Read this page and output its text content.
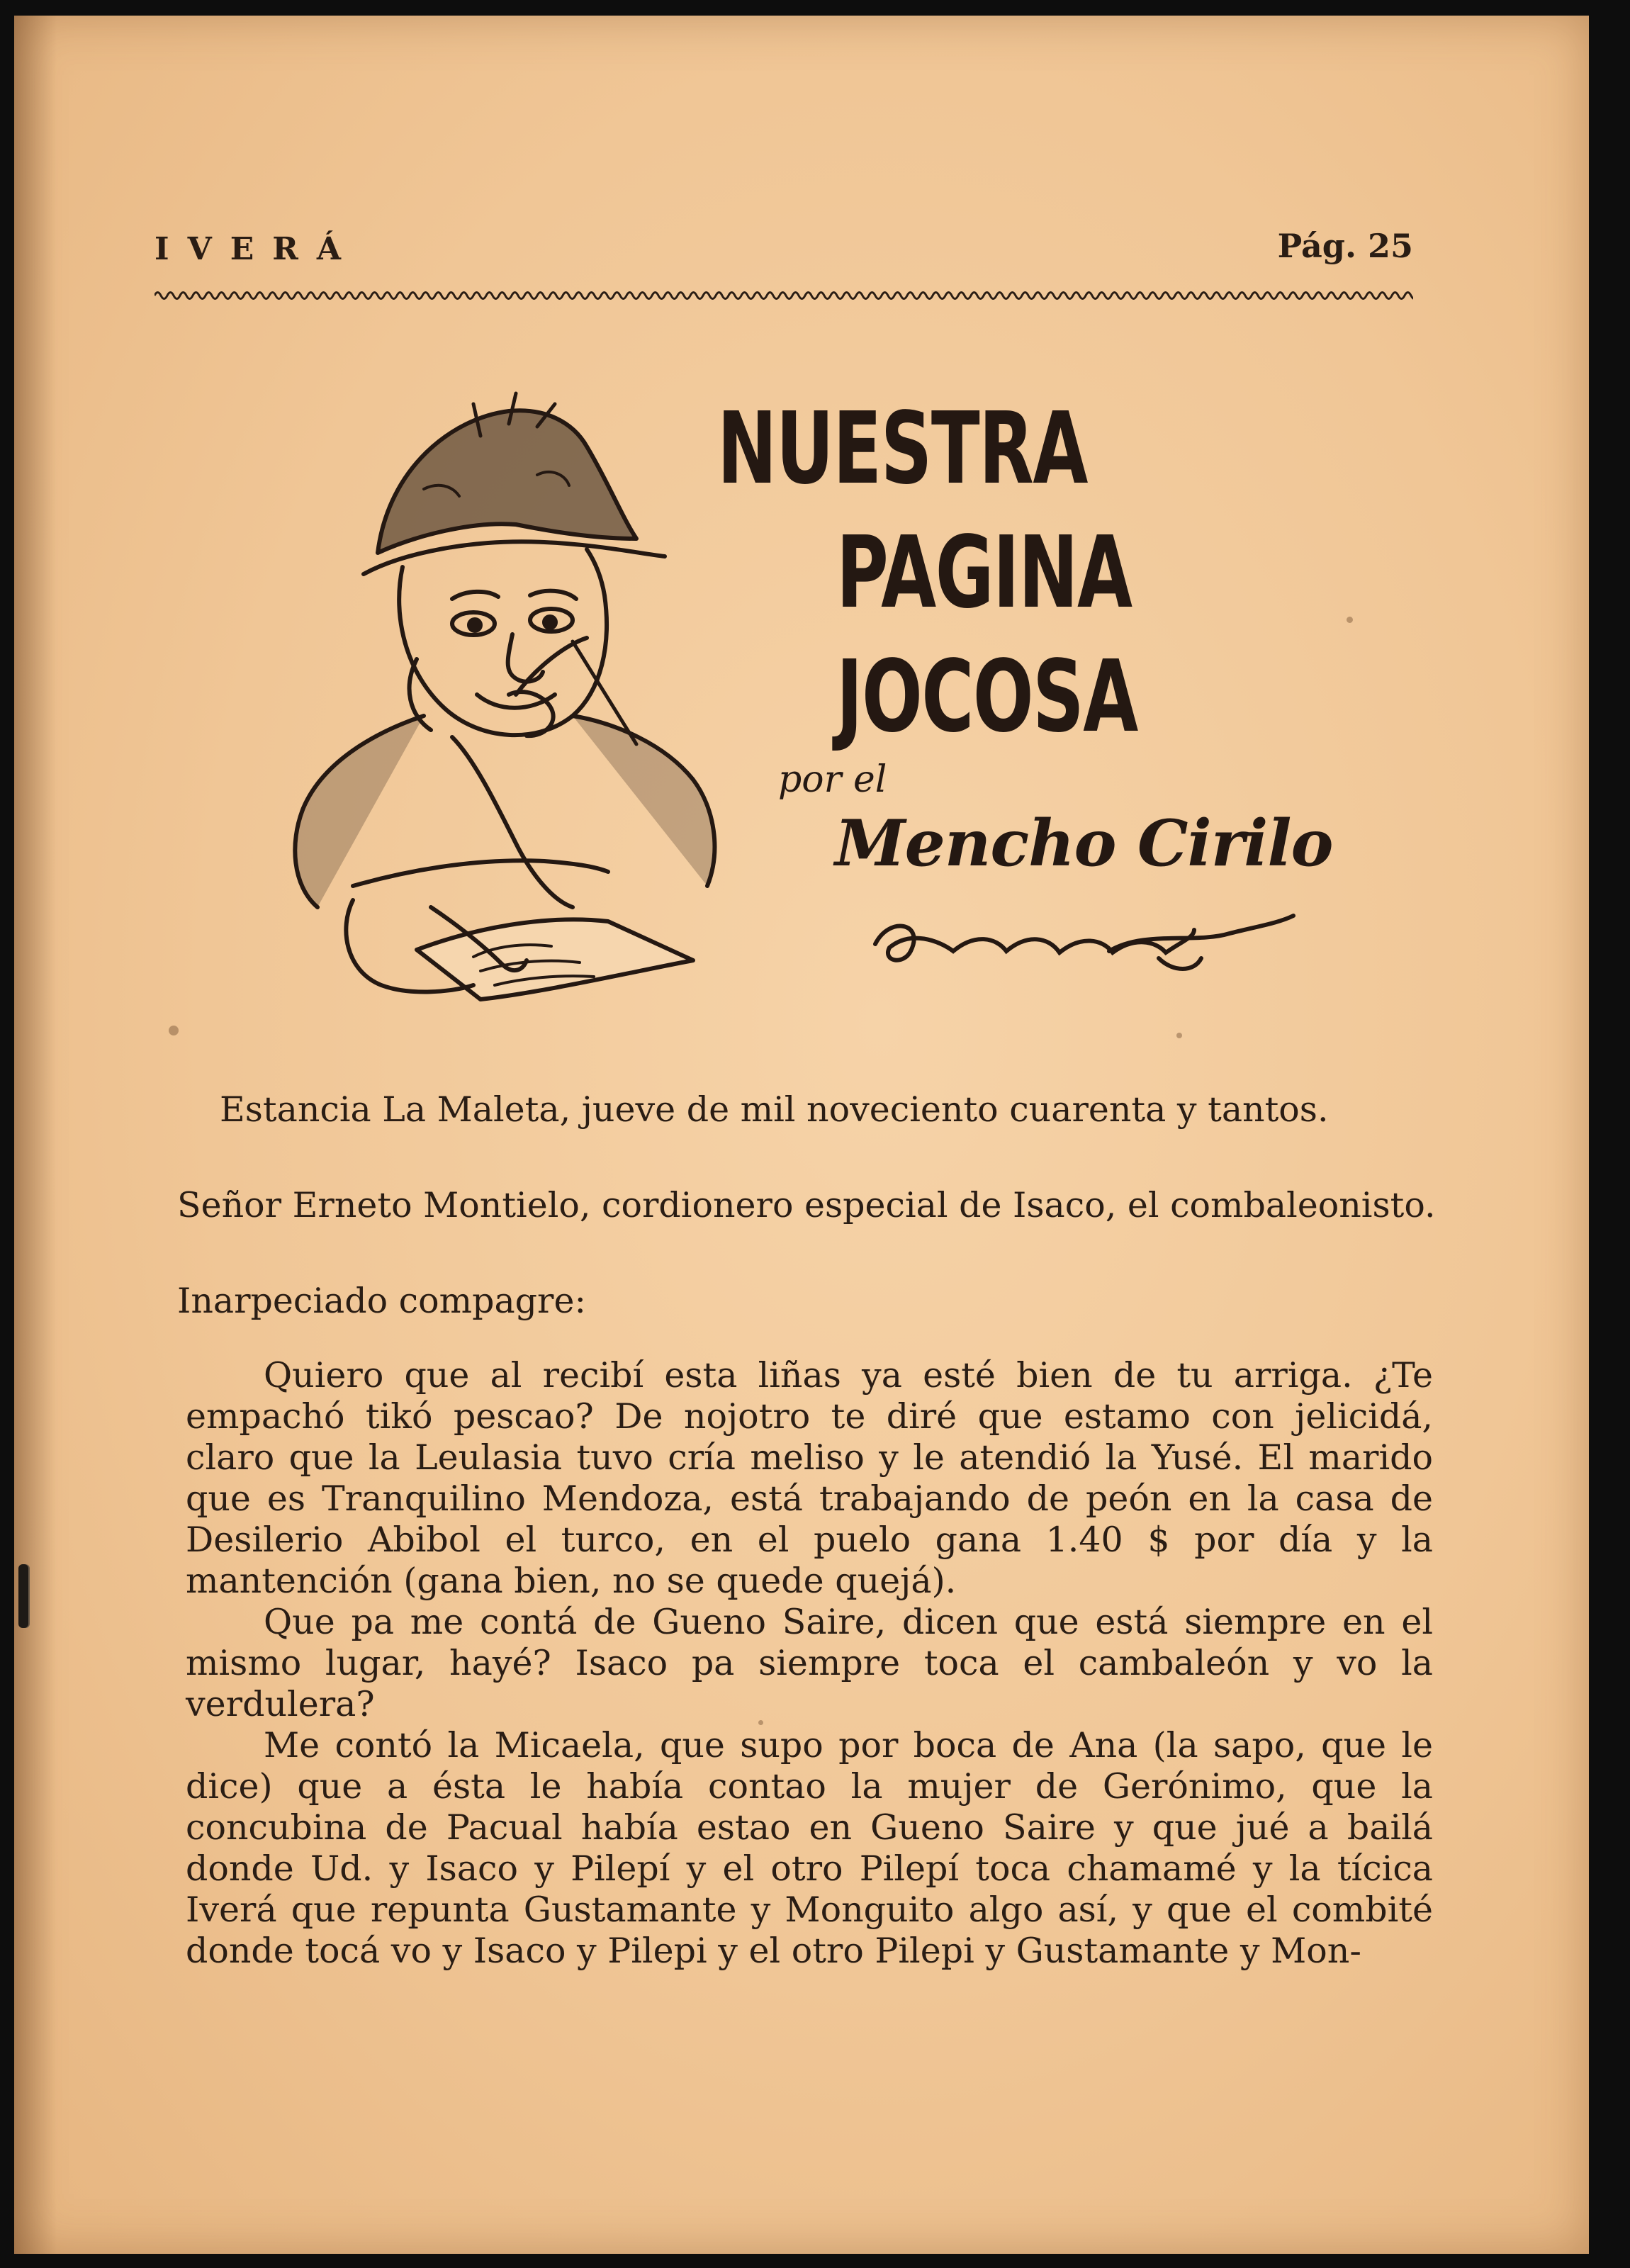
IVERÁ	Pág. 25
NUESTRA
PAGINA
JOCOSA
por el
Mencho Cirilo
Estancia La Maleta, jueve de mil noveciento cuarenta y tantos.
Señor Erneto Montielo, cordionero especial de Isaco, el combaleonisto.
Inarpeciado compagre:

Quiero que al recibí esta liñas ya esté bien de tu arriga. ¿Te empachó tikó pescao? De nojotro te diré que estamo con jelicidá, claro que la Leulasia tuvo cría meliso y le atendió la Yusé. El marido que es Tranquilino Mendoza, está trabajando de peón en la casa de Desilerio Abibol el turco, en el puelo gana 1.40 $ por día y la mantención (gana bien, no se quede quejá).

Que pa me contá de Gueno Saire, dicen que está siempre en el mismo lugar, hayé? Isaco pa siempre toca el cambaleón y vo la verdulera?

Me contó la Micaela, que supo por boca de Ana (la sapo, que le dice) que a ésta le había contao la mujer de Gerónimo, que la concubina de Pacual había estao en Gueno Saire y que jué a bailá donde Ud. y Isaco y Pilepí y el otro Pilepí toca chamamé y la tícica Iverá que repunta Gustamante y Monguito algo así, y que el combité donde tocá vo y Isaco y Pilepi y el otro Pilepi y Gustamante y Mon-
